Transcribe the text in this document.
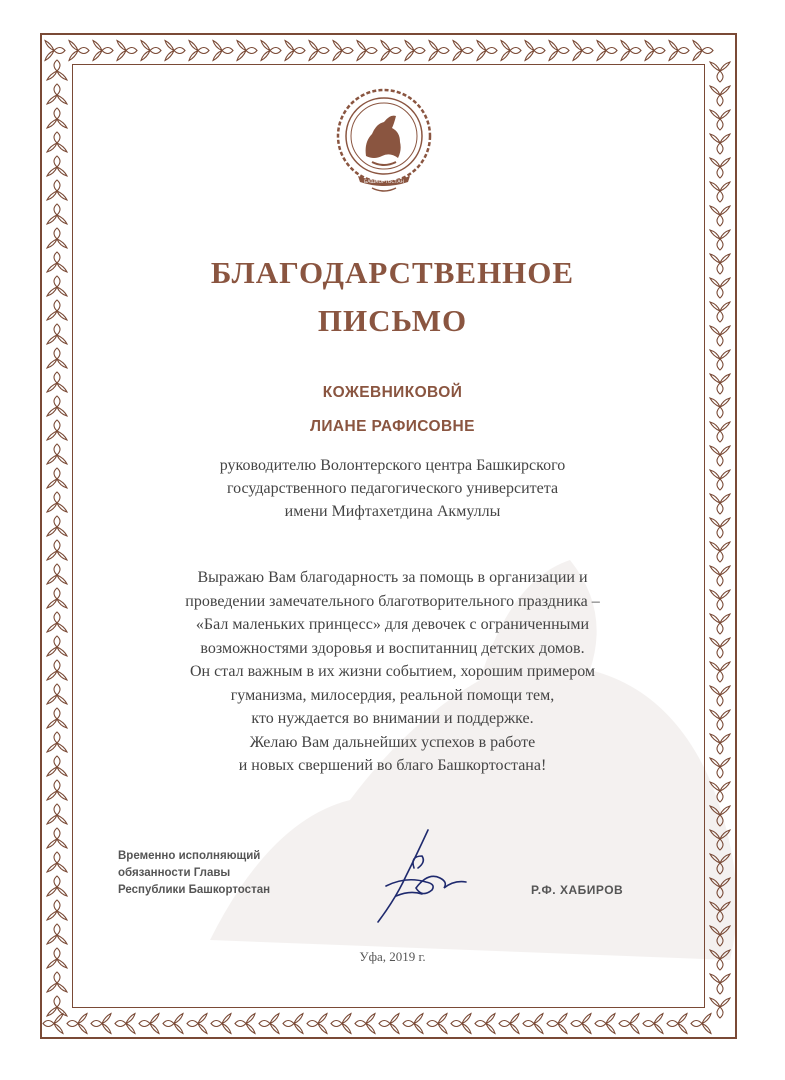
БАШКОРТОСТАН
БЛАГОДАРСТВЕННОЕ
ПИСЬМО
КОЖЕВНИКОВОЙ
ЛИАНЕ РАФИСОВНЕ
руководителю Волонтерского центра Башкирского
государственного педагогического университета
имени Мифтахетдина Акмуллы
Выражаю Вам благодарность за помощь в организации и
проведении замечательного благотворительного праздника –
«Бал маленьких принцесс» для девочек с ограниченными
возможностями здоровья и воспитанниц детских домов.
Он стал важным в их жизни событием, хорошим примером
гуманизма, милосердия, реальной помощи тем,
кто нуждается во внимании и поддержке.
Желаю Вам дальнейших успехов в работе
и новых свершений во благо Башкортостана!
Временно исполняющий
обязанности Главы
Республики Башкортостан	Р.Ф. ХАБИРОВ
Уфа, 2019 г.
